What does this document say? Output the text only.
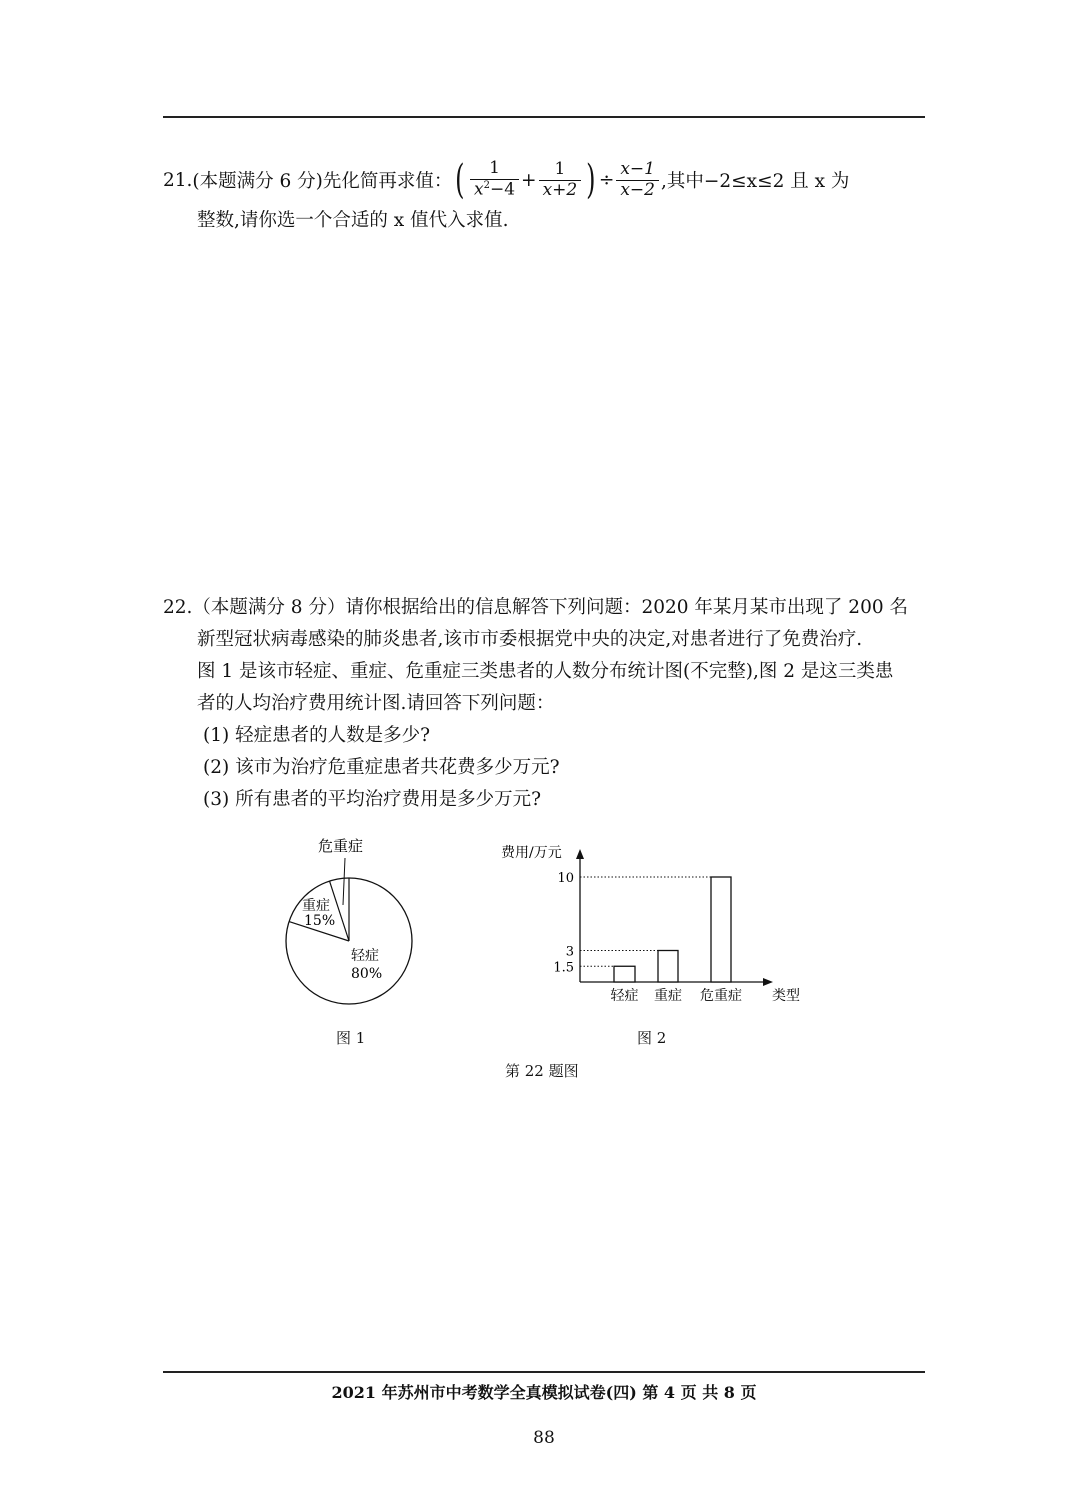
21. (本题满分 6 分) 先化简再求值： ( $\frac{1}{x^2-4} + \frac{1}{x+2}$ ) ÷ $\frac{x-1}{x-2}$ ,其中−2≤x≤2 且 x 为
整数,请你选一个合适的 x 值代入求值.
22.（本题满分 8 分）请你根据给出的信息解答下列问题：2020 年某月某市出现了 200 名
新型冠状病毒感染的肺炎患者,该市市委根据党中央的决定,对患者进行了免费治疗.
图 1 是该市轻症、重症、危重症三类患者的人数分布统计图(不完整),图 2 是这三类患
者的人均治疗费用统计图.请回答下列问题：
(1) 轻症患者的人数是多少?
(2) 该市为治疗危重症患者共花费多少万元?
(3) 所有患者的平均治疗费用是多少万元?
危重症
重症
15%
轻症
80%
费用/万元
类型
1.5
轻症
3
重症
10
危重症
图 1	图 2
第 22 题图
2021 年苏州市中考数学全真模拟试卷(四) 第 4 页 共 8 页
88
